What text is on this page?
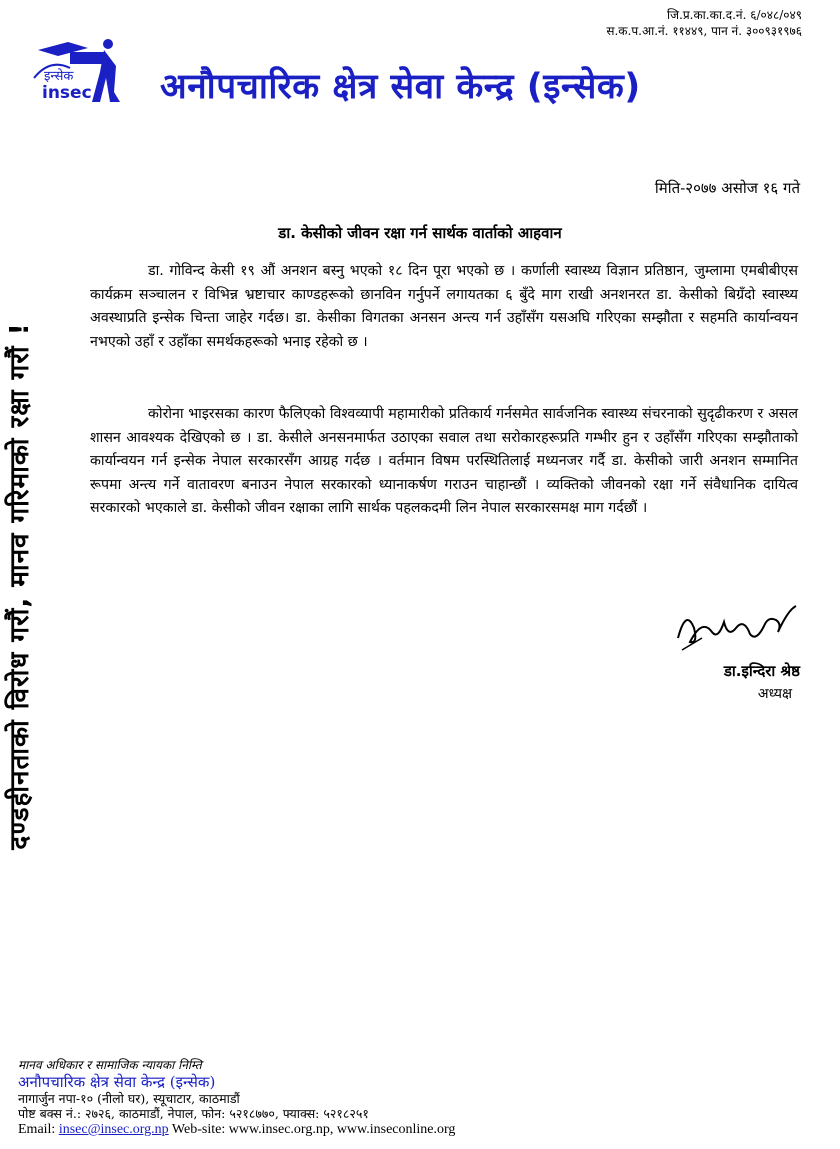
जि.प्र.का.का.द.नं. ६/०४८/०४९
स.क.प.आ.नं. ११४४९, पान नं. ३००९३१९७६
इन्सेक
insec अनौपचारिक क्षेत्र सेवा केन्द्र (इन्सेक)
मिति-२०७७ असोज १६ गते
डा. केसीको जीवन रक्षा गर्न सार्थक वार्ताको आहवान
डा. गोविन्द केसी १९ औं अनशन बस्नु भएको १८ दिन पूरा भएको छ । कर्णाली स्वास्थ्य विज्ञान प्रतिष्ठान, जुम्लामा एमबीबीएस कार्यक्रम सञ्चालन र विभिन्न भ्रष्टाचार काण्डहरूको छानविन गर्नुपर्ने लगायतका ६ बुँदे माग राखी अनशनरत डा. केसीको बिग्रँदो स्वास्थ्य अवस्थाप्रति इन्सेक चिन्ता जाहेर गर्दछ। डा. केसीका विगतका अनसन अन्त्य गर्न उहाँसँग यसअघि गरिएका सम्झौता र सहमति कार्यान्वयन नभएको उहाँ र उहाँका समर्थकहरूको भनाइ रहेको छ ।
कोरोना भाइरसका कारण फैलिएको विश्वव्यापी महामारीको प्रतिकार्य गर्नसमेत सार्वजनिक स्वास्थ्य संचरनाको सुदृढीकरण र असल शासन आवश्यक देखिएको छ । डा. केसीले अनसनमार्फत उठाएका सवाल तथा सरोकारहरूप्रति गम्भीर हुन र उहाँसँग गरिएका सम्झौताको कार्यान्वयन गर्न इन्सेक नेपाल सरकारसँग आग्रह गर्दछ । वर्तमान विषम परस्थितिलाई मध्यनजर गर्दै डा. केसीको जारी अनशन सम्मानित रूपमा अन्त्य गर्ने वातावरण बनाउन नेपाल सरकारको ध्यानाकर्षण गराउन चाहान्छौं । व्यक्तिको जीवनको रक्षा गर्ने संवैधानिक दायित्व सरकारको भएकाले डा. केसीको जीवन रक्षाका लागि सार्थक पहलकदमी लिन नेपाल सरकारसमक्ष माग गर्दछौं ।
दण्डहीनताको विरोध गरौं, मानव गरिमाको रक्षा गरौं !	डा.इन्दिरा श्रेष्ठ
अध्यक्ष
मानव अधिकार र सामाजिक न्यायका निम्ति
अनौपचारिक क्षेत्र सेवा केन्द्र (इन्सेक)
नागार्जुन नपा-१० (नीलो घर), स्यूचाटार, काठमाडौं
पोष्ट बक्स नं.: २७२६, काठमाडौं, नेपाल, फोन: ५२१८७७०, फ्याक्स: ५२१८२५१
Email: insec@insec.org.np Web-site: www.insec.org.np, www.inseconline.org
